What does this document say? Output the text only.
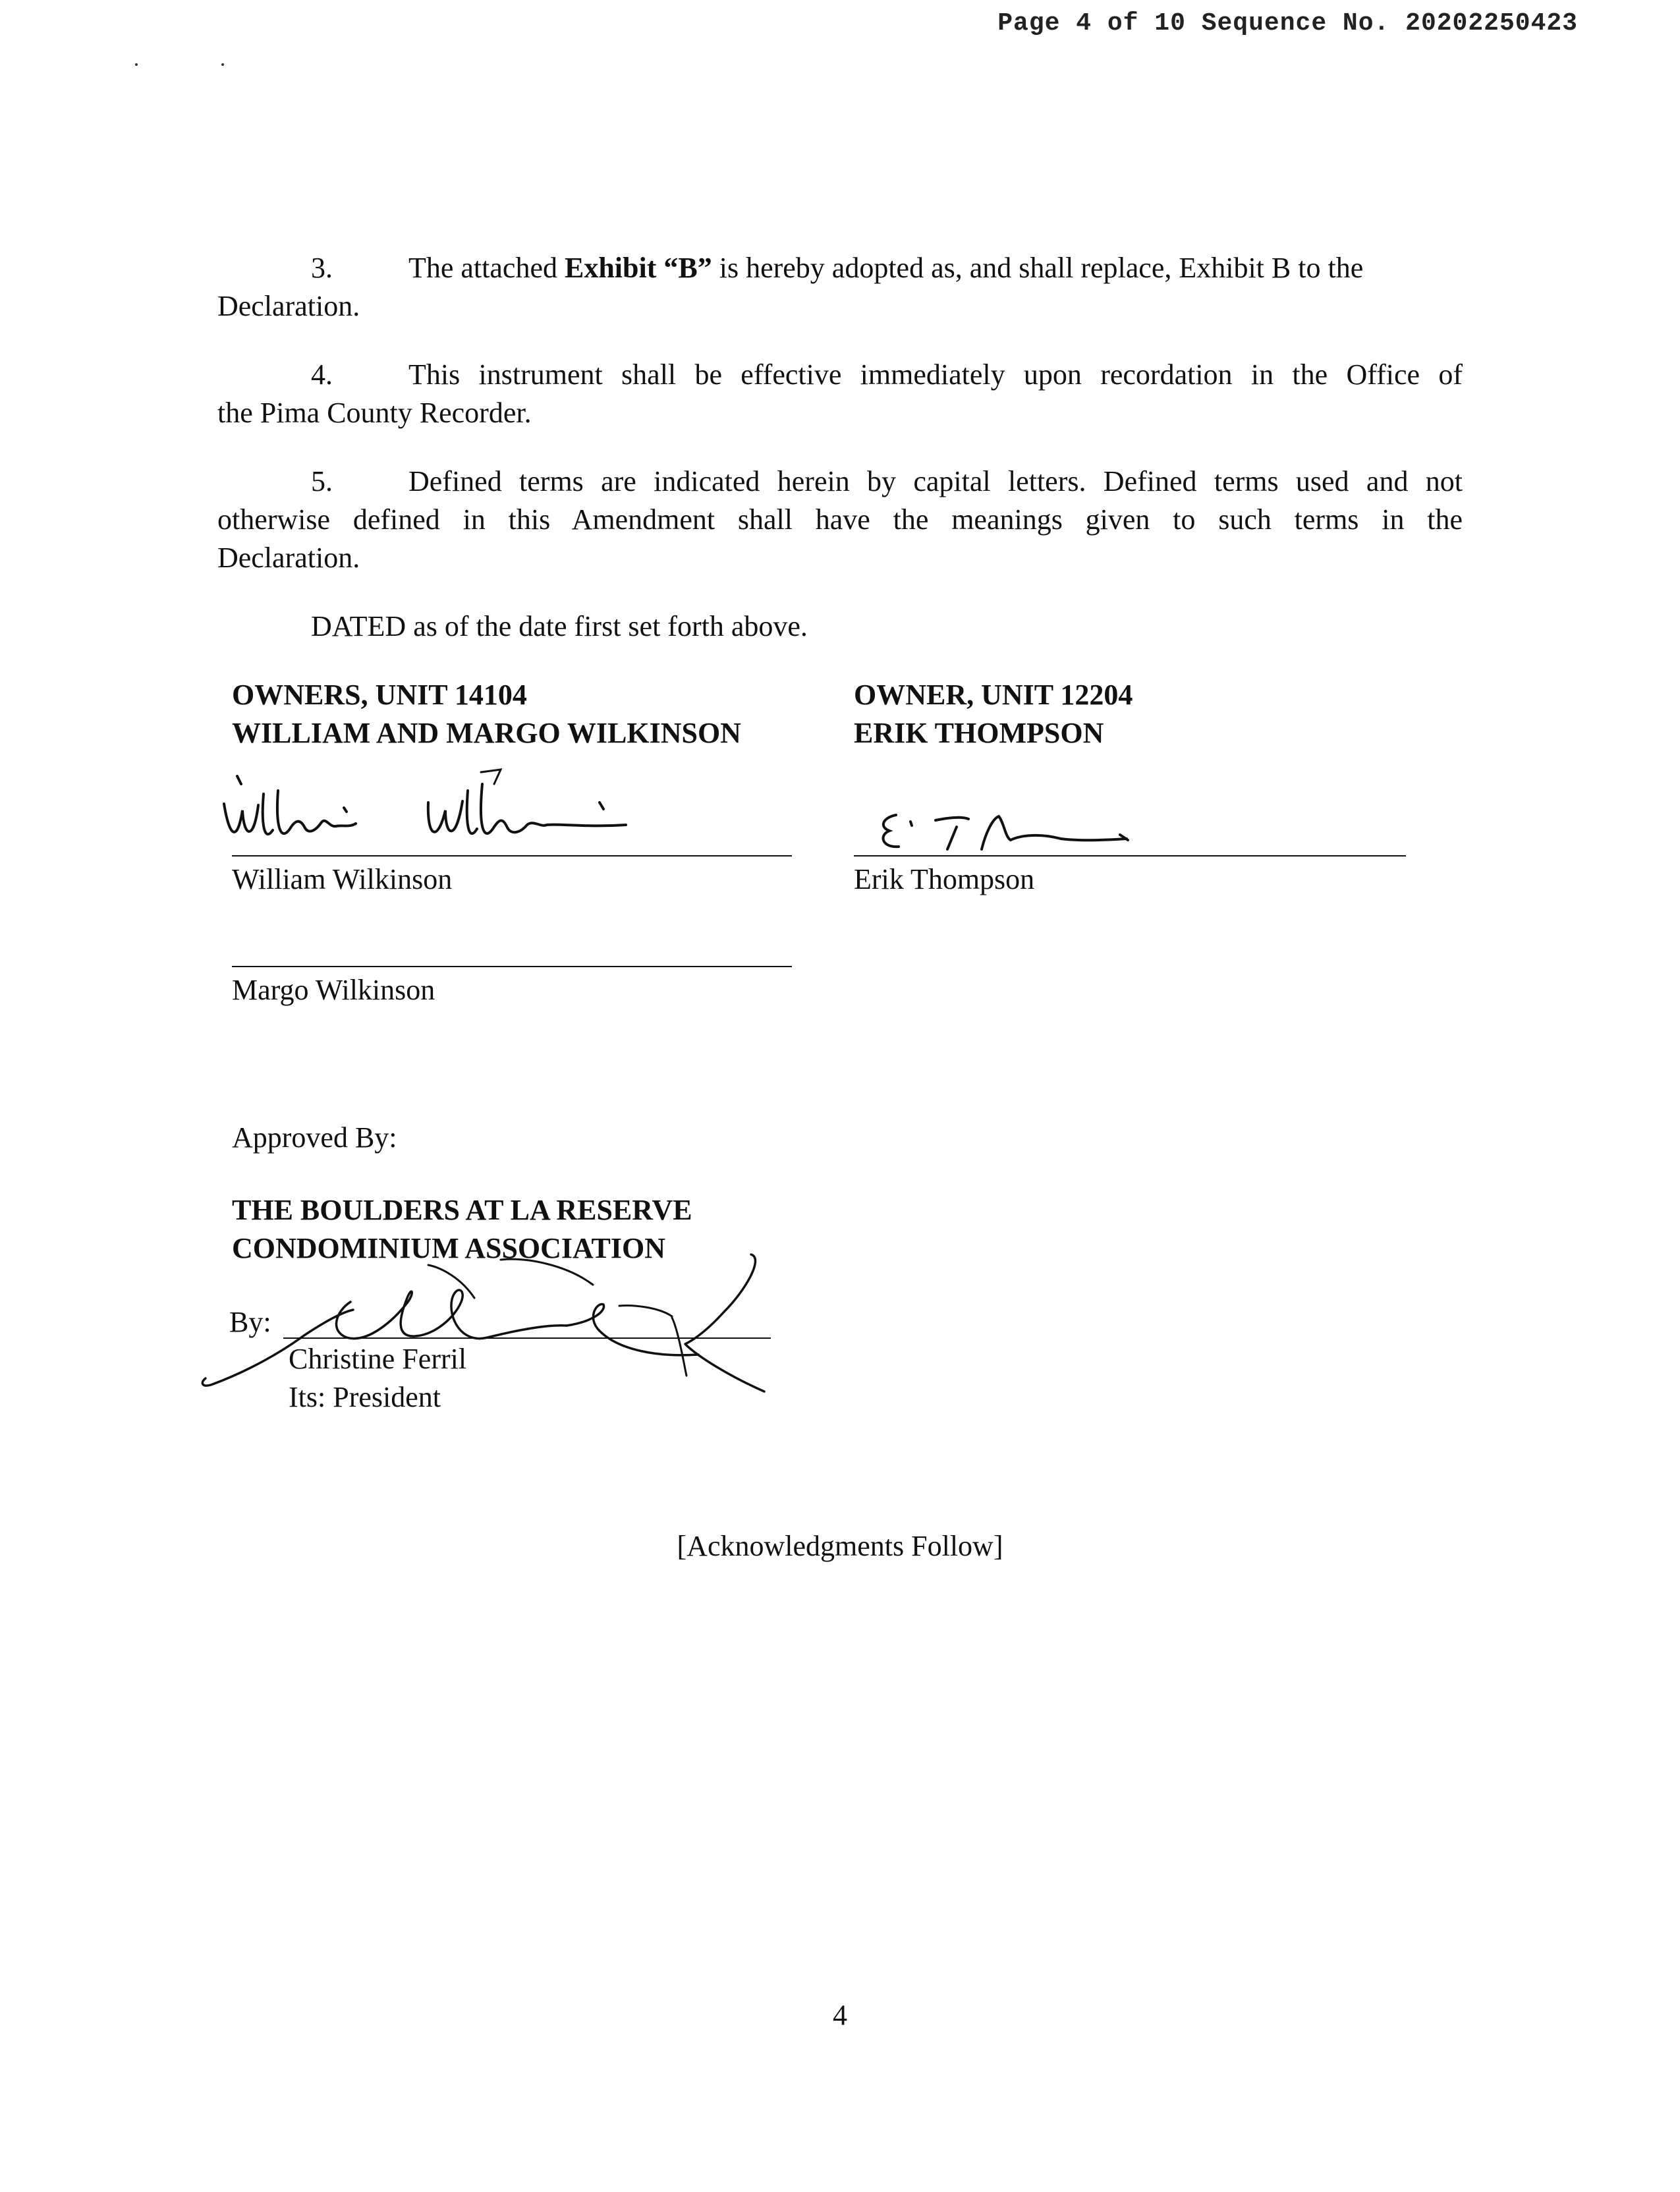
Page 4 of 10 Sequence No. 20202250423
3.	The attached Exhibit “B” is hereby adopted as, and shall replace, Exhibit B to the
Declaration.
4.	This instrument shall be effective immediately upon recordation in the Office of
the Pima County Recorder.
5.	Defined terms are indicated herein by capital letters. Defined terms used and not
otherwise defined in this Amendment shall have the meanings given to such terms in the
Declaration.
DATED as of the date first set forth above.
OWNERS, UNIT 14104
WILLIAM AND MARGO WILKINSON
OWNER, UNIT 12204
ERIK THOMPSON
William Wilkinson	Erik Thompson
Margo Wilkinson
Approved By:
THE BOULDERS AT LA RESERVE
CONDOMINIUM ASSOCIATION
By:
Christine Ferril
Its: President
[Acknowledgments Follow]
4
